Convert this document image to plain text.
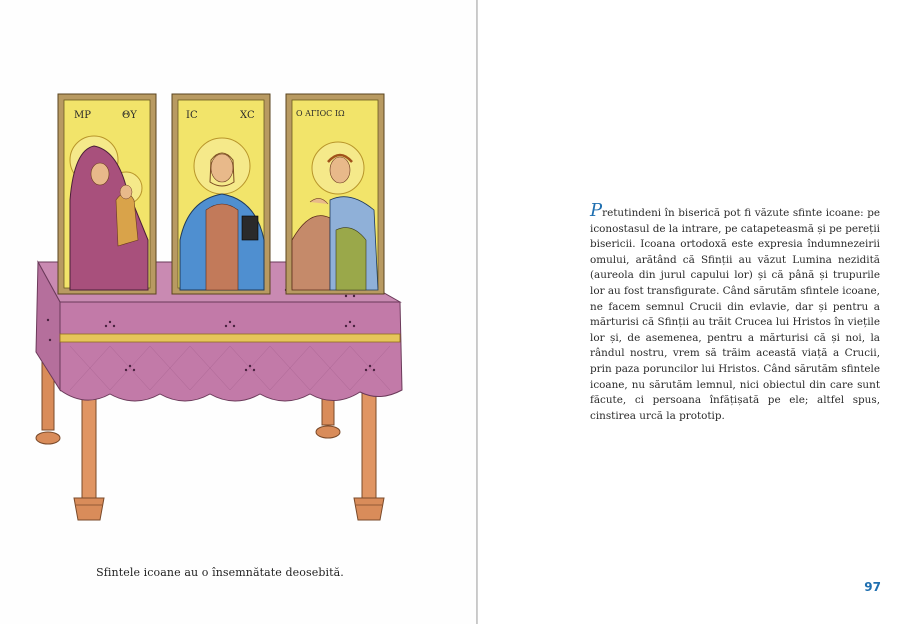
MP	ΘY	IC	XC	Ο ΑΓΙΟС ΙΩ
Sfintele icoane au o însemnătate deosebită.
Pretutindeni în biserică pot fi văzute sfinte icoane: pe iconostasul de la intrare, pe catapeteasmă și pe pereții bisericii. Icoana ortodoxă este expresia îndumnezeirii omului, arătând că Sfinții au văzut Lumina nezidită (aureola din jurul capului lor) și că până și trupurile lor au fost transfigurate. Când sărutăm sfintele icoane, ne facem semnul Crucii din evlavie, dar și pentru a mărturisi că Sfinții au trăit Crucea lui Hristos în viețile lor și, de asemenea, pentru a mărturisi că și noi, la rândul nostru, vrem să trăim această viață a Crucii, prin paza poruncilor lui Hristos. Când sărutăm sfintele icoane, nu sărutăm lemnul, nici obiectul din care sunt făcute, ci persoana înfățișată pe ele; altfel spus, cinstirea urcă la prototip.
97
